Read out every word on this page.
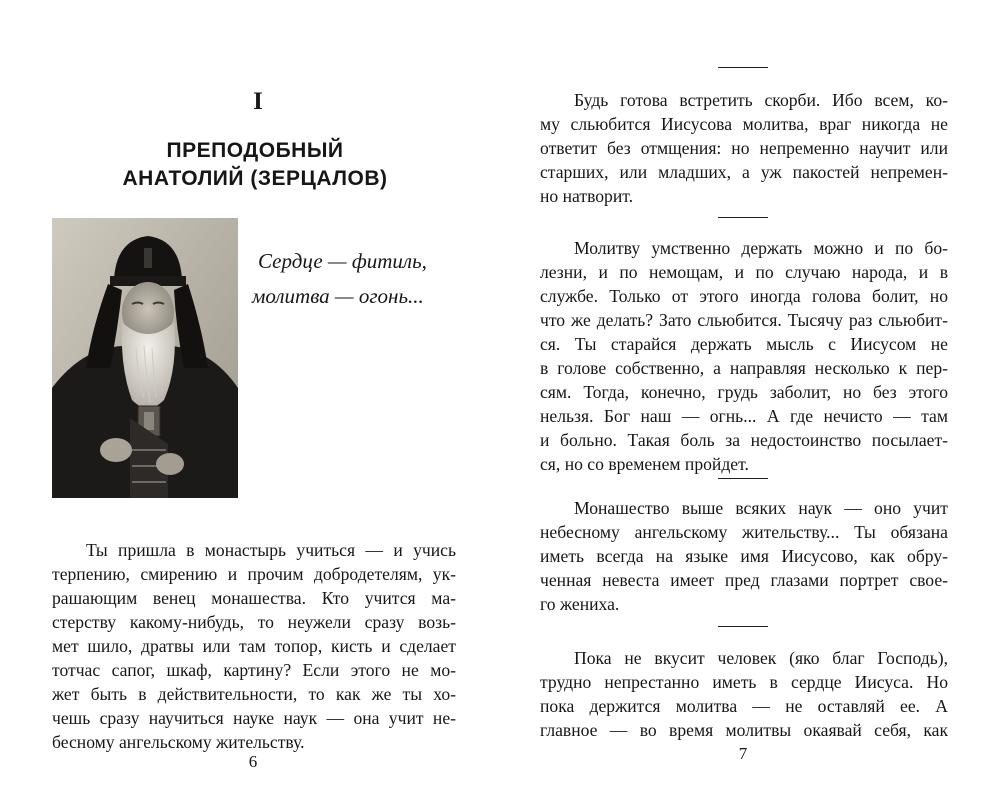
I
ПРЕПОДОБНЫЙ
АНАТОЛИЙ (ЗЕРЦАЛОВ)
Сердце — фитиль,
молитва — огонь...
Ты пришла в монастырь учиться — и учись
терпению, смирению и прочим добродетелям, ук-
рашающим венец монашества. Кто учится ма-
стерству какому-нибудь, то неужели сразу возь-
мет шило, дратвы или там топор, кисть и сделает
тотчас сапог, шкаф, картину? Если этого не мо-
жет быть в действительности, то как же ты хо-
чешь сразу научиться науке наук — она учит не-
бесному ангельскому жительству.
6
Будь готова встретить скорби. Ибо всем, ко-
му сльюбится Иисусова молитва, враг никогда не
ответит без отмщения: но непременно научит или
старших, или младших, а уж пакостей непремен-
но натворит.
Молитву умственно держать можно и по бо-
лезни, и по немощам, и по случаю народа, и в
службе. Только от этого иногда голова болит, но
что же делать? Зато сльюбится. Тысячу раз сльюбит-
ся. Ты старайся держать мысль с Иисусом не
в голове собственно, а направляя несколько к пер-
сям. Тогда, конечно, грудь заболит, но без этого
нельзя. Бог наш — огнь... А где нечисто — там
и больно. Такая боль за недостоинство посылает-
ся, но со временем пройдет.
Монашество выше всяких наук — оно учит
небесному ангельскому жительству... Ты обязана
иметь всегда на языке имя Иисусово, как обру-
ченная невеста имеет пред глазами портрет свое-
го жениха.
Пока не вкусит человек (яко благ Господь),
трудно непрестанно иметь в сердце Иисуса. Но
пока держится молитва — не оставляй ее. А
главное — во время молитвы окаявай себя, как
7
